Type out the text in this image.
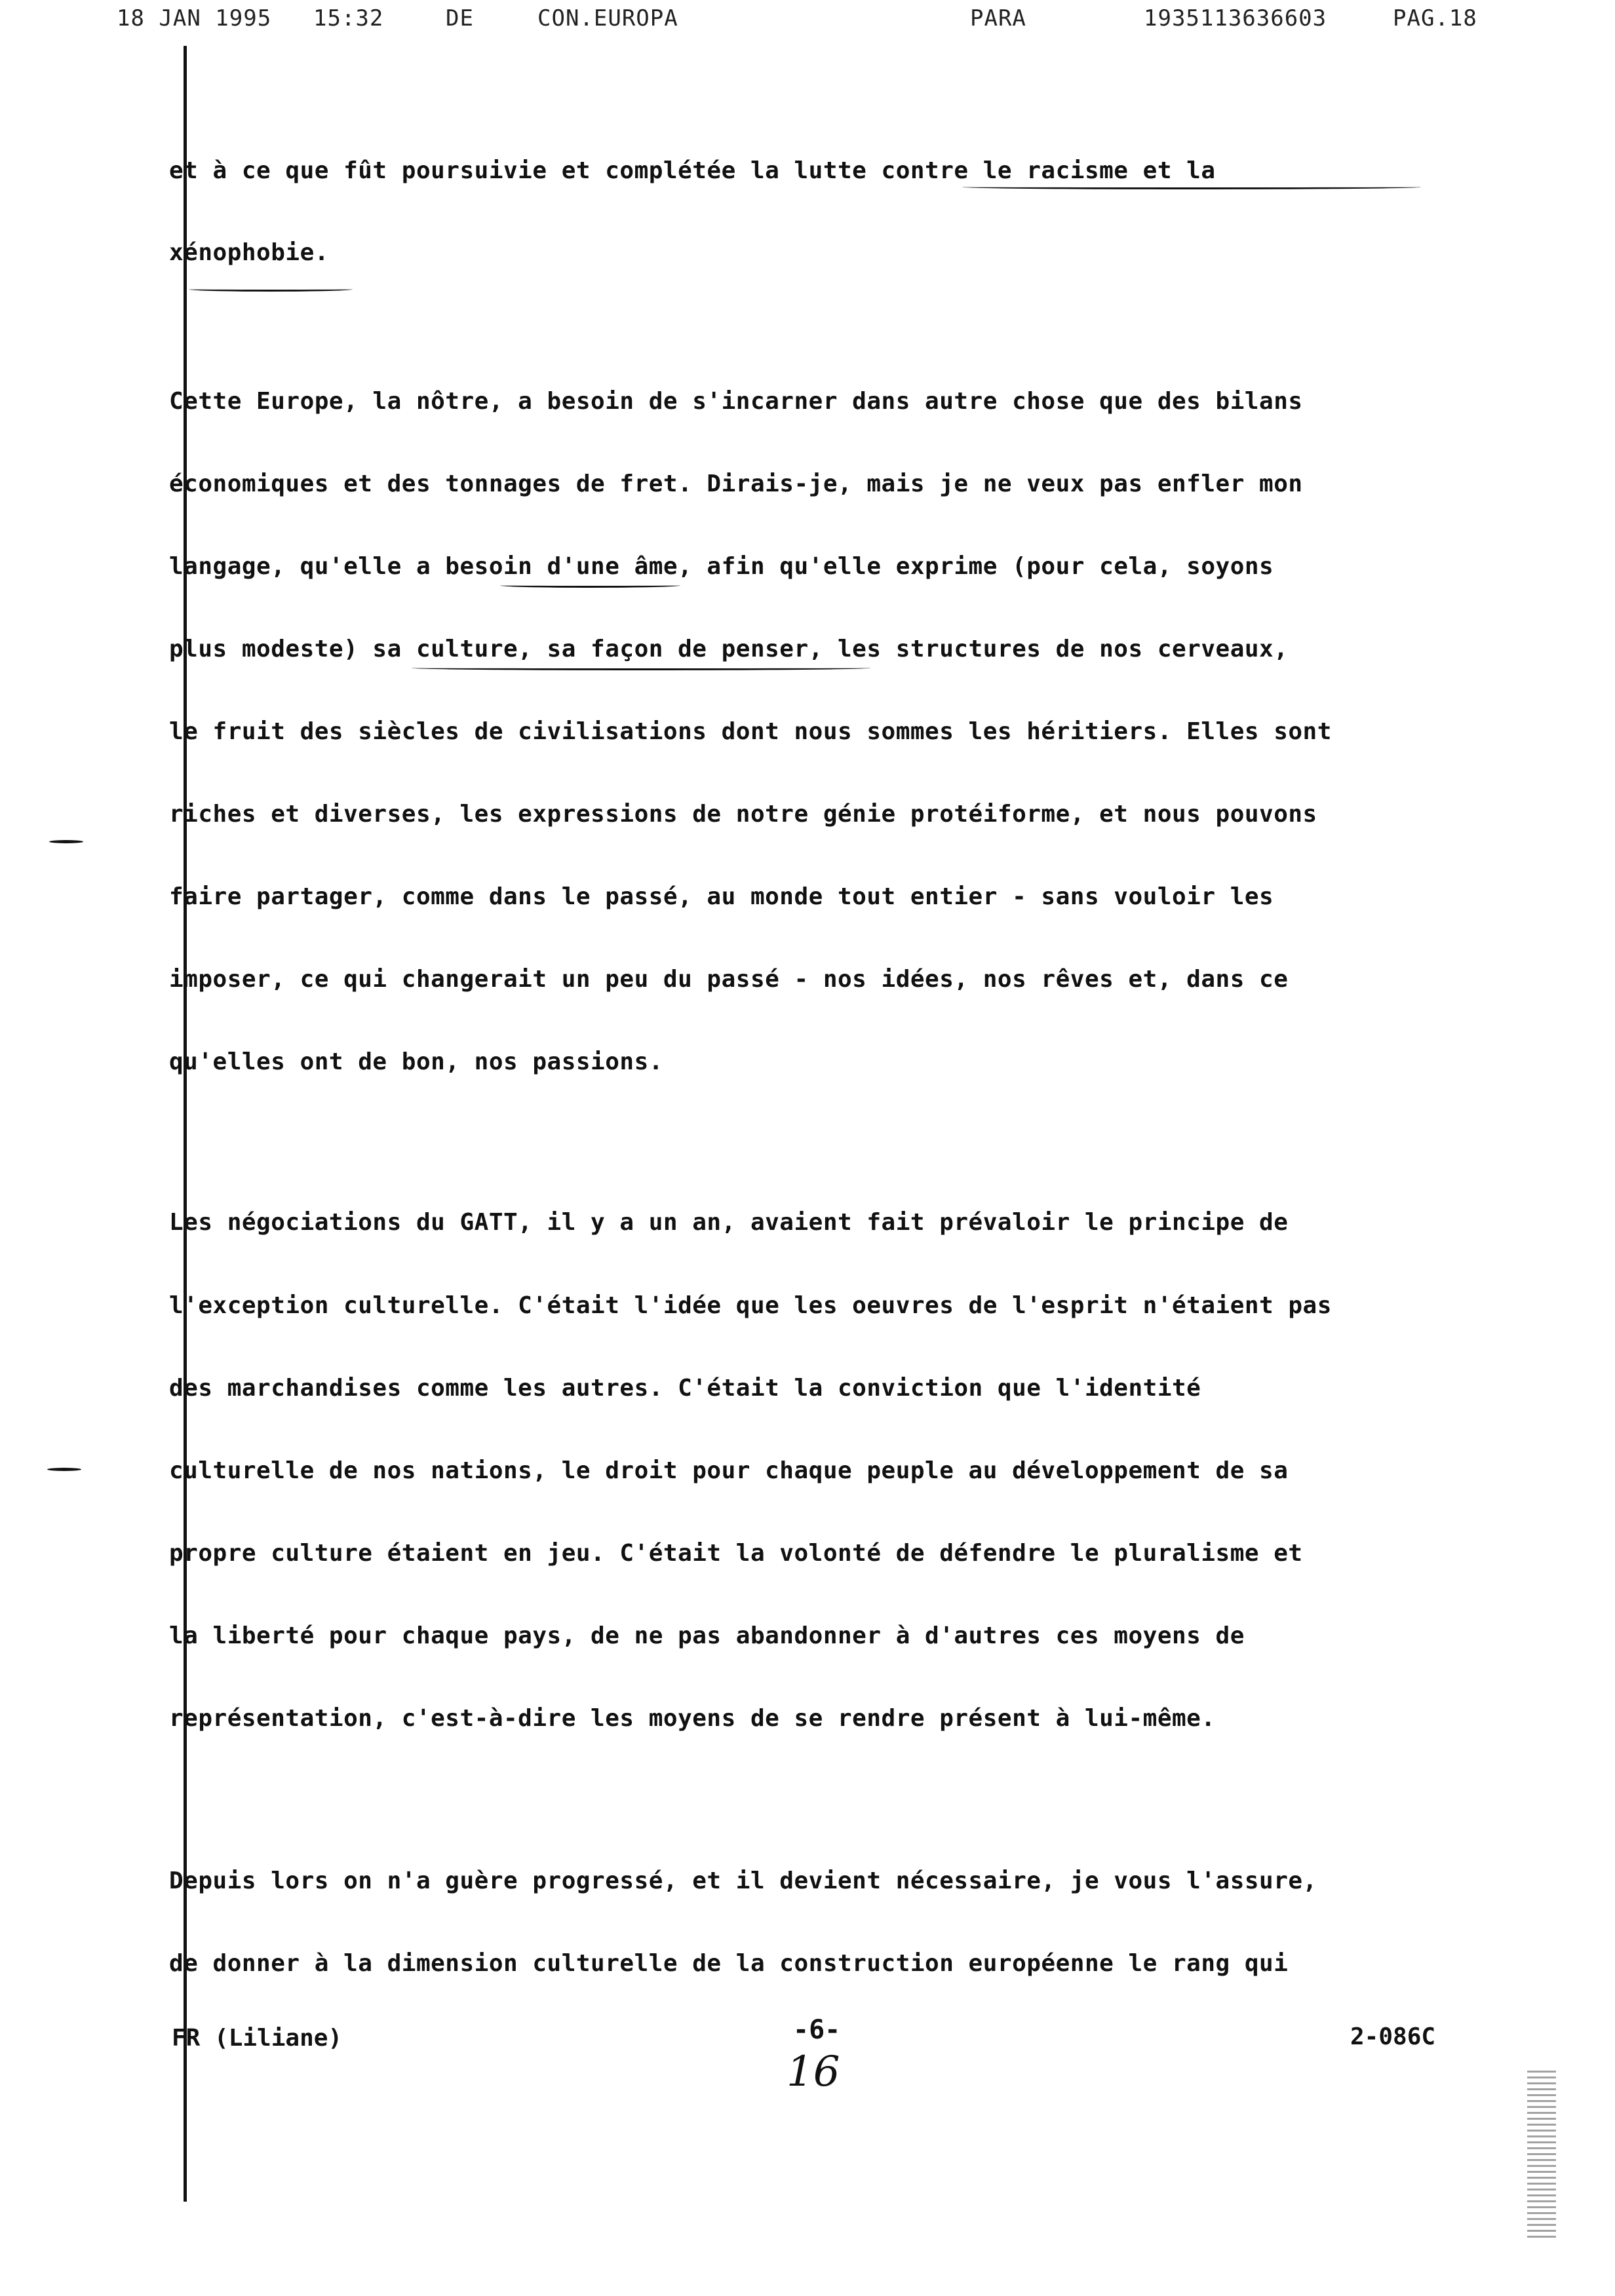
18 JAN 1995 15:32	DE	CON.EUROPA	PARA	1935113636603	PAG.18
et à ce que fût poursuivie et complétée la lutte contre le racisme et la
xénophobie.
Cette Europe, la nôtre, a besoin de s'incarner dans autre chose que des bilans
économiques et des tonnages de fret. Dirais-je, mais je ne veux pas enfler mon
langage, qu'elle a besoin d'une âme, afin qu'elle exprime (pour cela, soyons
plus modeste) sa culture, sa façon de penser, les structures de nos cerveaux,
le fruit des siècles de civilisations dont nous sommes les héritiers. Elles sont
riches et diverses, les expressions de notre génie protéiforme, et nous pouvons
faire partager, comme dans le passé, au monde tout entier - sans vouloir les
imposer, ce qui changerait un peu du passé - nos idées, nos rêves et, dans ce
qu'elles ont de bon, nos passions.
Les négociations du GATT, il y a un an, avaient fait prévaloir le principe de
l'exception culturelle. C'était l'idée que les oeuvres de l'esprit n'étaient pas
des marchandises comme les autres. C'était la conviction que l'identité
culturelle de nos nations, le droit pour chaque peuple au développement de sa
propre culture étaient en jeu. C'était la volonté de défendre le pluralisme et
la liberté pour chaque pays, de ne pas abandonner à d'autres ces moyens de
représentation, c'est-à-dire les moyens de se rendre présent à lui-même.
Depuis lors on n'a guère progressé, et il devient nécessaire, je vous l'assure,
de donner à la dimension culturelle de la construction européenne le rang qui
FR (Liliane)	-6-
16
2-086C
